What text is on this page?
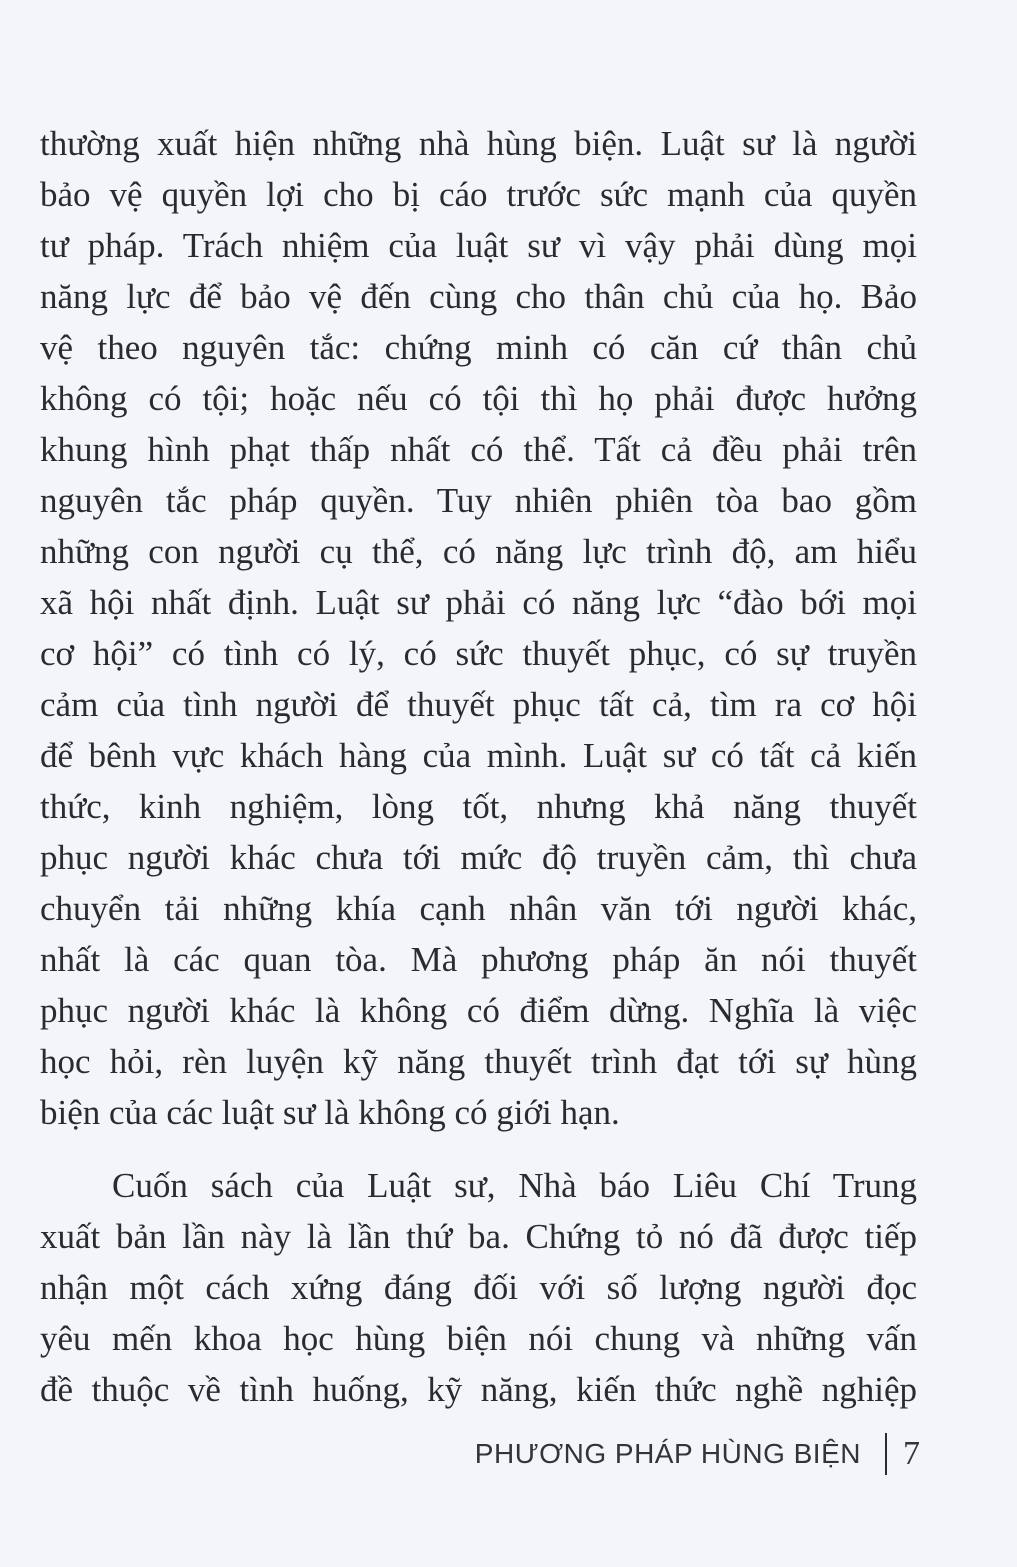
thường xuất hiện những nhà hùng biện. Luật sư là người
bảo vệ quyền lợi cho bị cáo trước sức mạnh của quyền
tư pháp. Trách nhiệm của luật sư vì vậy phải dùng mọi
năng lực để bảo vệ đến cùng cho thân chủ của họ. Bảo
vệ theo nguyên tắc: chứng minh có căn cứ thân chủ
không có tội; hoặc nếu có tội thì họ phải được hưởng
khung hình phạt thấp nhất có thể. Tất cả đều phải trên
nguyên tắc pháp quyền. Tuy nhiên phiên tòa bao gồm
những con người cụ thể, có năng lực trình độ, am hiểu
xã hội nhất định. Luật sư phải có năng lực “đào bới mọi
cơ hội” có tình có lý, có sức thuyết phục, có sự truyền
cảm của tình người để thuyết phục tất cả, tìm ra cơ hội
để bênh vực khách hàng của mình. Luật sư có tất cả kiến
thức, kinh nghiệm, lòng tốt, nhưng khả năng thuyết
phục người khác chưa tới mức độ truyền cảm, thì chưa
chuyển tải những khía cạnh nhân văn tới người khác,
nhất là các quan tòa. Mà phương pháp ăn nói thuyết
phục người khác là không có điểm dừng. Nghĩa là việc
học hỏi, rèn luyện kỹ năng thuyết trình đạt tới sự hùng
biện của các luật sư là không có giới hạn.
Cuốn sách của Luật sư, Nhà báo Liêu Chí Trung
xuất bản lần này là lần thứ ba. Chứng tỏ nó đã được tiếp
nhận một cách xứng đáng đối với số lượng người đọc
yêu mến khoa học hùng biện nói chung và những vấn
đề thuộc về tình huống, kỹ năng, kiến thức nghề nghiệp
PHƯƠNG PHÁP HÙNG BIỆN 7
